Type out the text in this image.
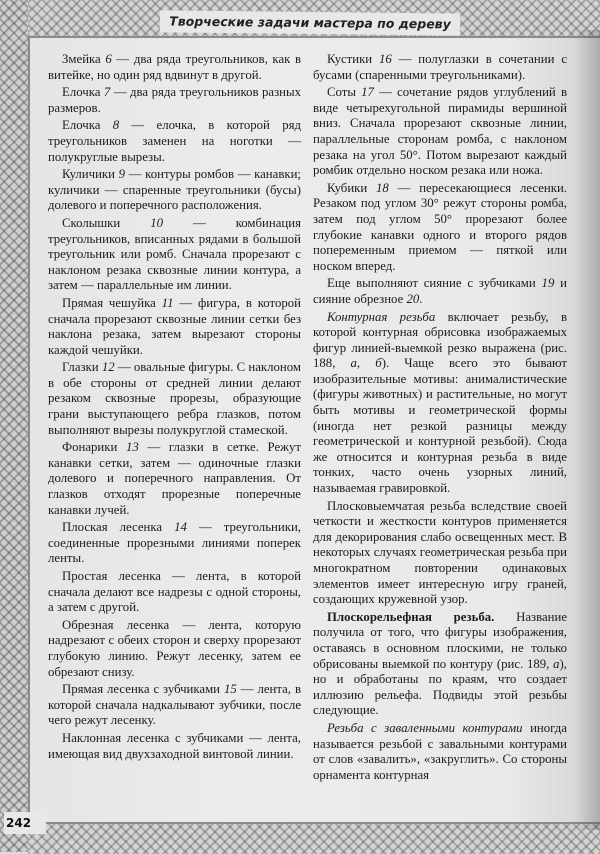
Творческие задачи мастера по дереву
242

Змейка 6 — два ряда треугольников, как в витейке, но один ряд вдвинут в другой.

Елочка 7 — два ряда треугольников разных размеров.

Елочка 8 — елочка, в которой ряд треугольников заменен на ноготки — полукруглые вырезы.

Куличики 9 — контуры ромбов — канавки; куличики — спаренные треугольники (бусы) долевого и поперечного расположения.

Сколышки 10 — комбинация треугольников, вписанных рядами в большой треугольник или ромб. Сначала прорезают с наклоном резака сквозные линии контура, а затем — параллельные им линии.

Прямая чешуйка 11 — фигура, в которой сначала прорезают сквозные линии сетки без наклона резака, затем вырезают стороны каждой чешуйки.

Глазки 12 — овальные фигуры. С наклоном в обе стороны от средней линии делают резаком сквозные прорезы, образующие грани выступающего ребра глазков, потом выполняют вырезы полукруглой стамеской.

Фонарики 13 — глазки в сетке. Режут канавки сетки, затем — одиночные глазки долевого и поперечного направления. От глазков отходят прорезные поперечные канавки лучей.

Плоская лесенка 14 — треугольники, соединенные прорезными линиями поперек ленты.

Простая лесенка — лента, в которой сначала делают все надрезы с одной стороны, а затем с другой.

Обрезная лесенка — лента, которую надрезают с обеих сторон и сверху прорезают глубокую линию. Режут лесенку, затем ее обрезают снизу.

Прямая лесенка с зубчиками 15 — лента, в которой сначала надкалывают зубчики, после чего режут лесенку.

Наклонная лесенка с зубчиками — лента, имеющая вид двухзаходной винтовой линии.

Кустики 16 — полуглазки в сочетании с бусами (спаренными треугольниками).

Соты 17 — сочетание рядов углублений в виде четырехугольной пирамиды вершиной вниз. Сначала прорезают сквозные линии, параллельные сторонам ромба, с наклоном резака на угол 50°. Потом вырезают каждый ромбик отдельно носком резака или ножа.

Кубики 18 — пересекающиеся лесенки. Резаком под углом 30° режут стороны ромба, затем под углом 50° прорезают более глубокие канавки одного и второго рядов попеременным приемом — пяткой или носком вперед.

Еще выполняют сияние с зубчиками 19 и сияние обрезное 20.

Контурная резьба включает резьбу, в которой контурная обрисовка изображаемых фигур линией-выемкой резко выражена (рис. 188, а, б). Чаще всего это бывают изобразительные мотивы: анималистические (фигуры животных) и растительные, но могут быть мотивы и геометрической формы (иногда нет резкой разницы между геометрической и контурной резьбой). Сюда же относится и контурная резьба в виде тонких, часто очень узорных линий, называемая гравировкой.

Плосковыемчатая резьба вследствие своей четкости и жесткости контуров применяется для декорирования слабо освещенных мест. В некоторых случаях геометрическая резьба при многократном повторении одинаковых элементов имеет интересную игру граней, создающих кружевной узор.

Плоскорельефная резьба. Название получила от того, что фигуры изображения, оставаясь в основном плоскими, не только обрисованы выемкой по контуру (рис. 189, а), но и обработаны по краям, что создает иллюзию рельефа. Подвиды этой резьбы следующие.

Резьба с заваленными контурами иногда называется резьбой с завальными контурами от слов «завалить», «закруглить». Со стороны орнамента контурная
